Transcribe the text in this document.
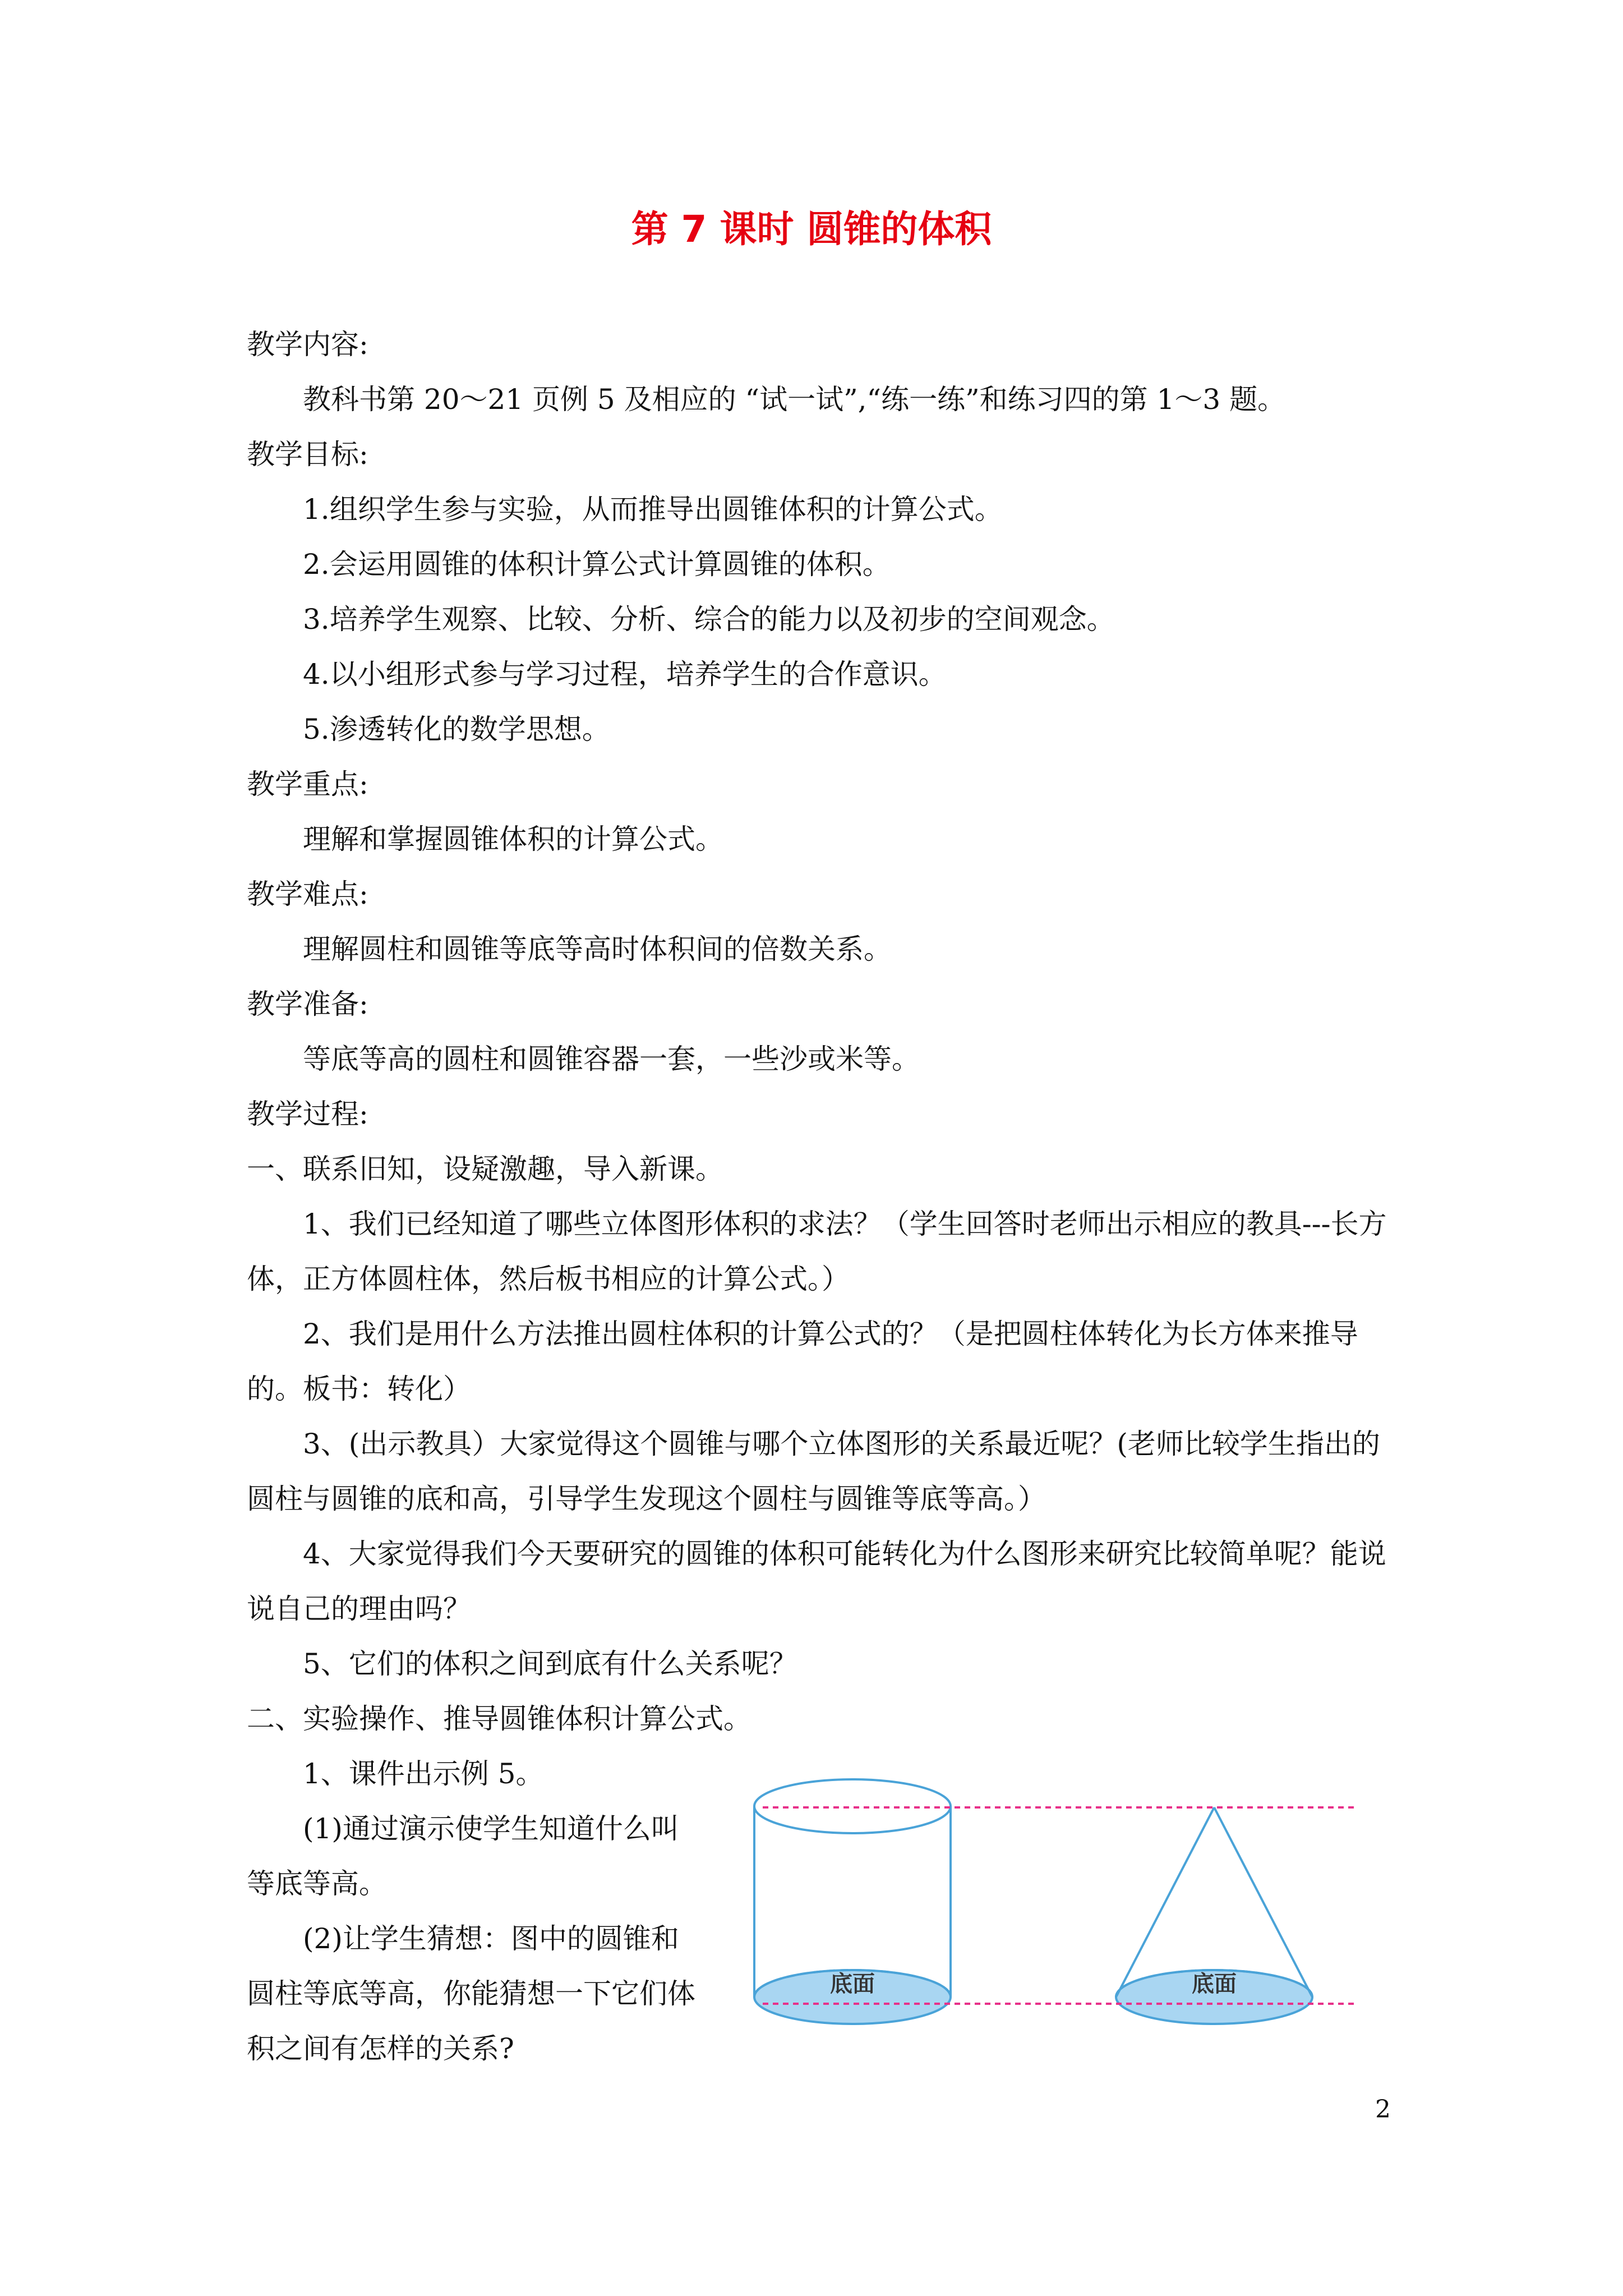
第 7 课时 圆锥的体积

教学内容:

教科书第 20～21 页例 5 及相应的 “试一试”,“练一练”和练习四的第 1～3 题。

教学目标:

1.组织学生参与实验，从而推导出圆锥体积的计算公式。

2.会运用圆锥的体积计算公式计算圆锥的体积。

3.培养学生观察、比较、分析、综合的能力以及初步的空间观念。

4.以小组形式参与学习过程，培养学生的合作意识。

5.渗透转化的数学思想。

教学重点:

理解和掌握圆锥体积的计算公式。

教学难点:

理解圆柱和圆锥等底等高时体积间的倍数关系。

教学准备:

等底等高的圆柱和圆锥容器一套，一些沙或米等。

教学过程:

一、联系旧知，设疑激趣，导入新课。

1、我们已经知道了哪些立体图形体积的求法？（学生回答时老师出示相应的教具---长方体，正方体圆柱体，然后板书相应的计算公式。）

2、我们是用什么方法推出圆柱体积的计算公式的？（是把圆柱体转化为长方体来推导的。板书：转化）

3、(出示教具）大家觉得这个圆锥与哪个立体图形的关系最近呢？(老师比较学生指出的圆柱与圆锥的底和高，引导学生发现这个圆柱与圆锥等底等高。）

4、大家觉得我们今天要研究的圆锥的体积可能转化为什么图形来研究比较简单呢？能说说自己的理由吗？

5、它们的体积之间到底有什么关系呢？

二、实验操作、推导圆锥体积计算公式。

1、课件出示例 5。

(1)通过演示使学生知道什么叫等底等高。

(2)让学生猜想：图中的圆锥和圆柱等底等高，你能猜想一下它们体积之间有怎样的关系?

底面	底面
2
